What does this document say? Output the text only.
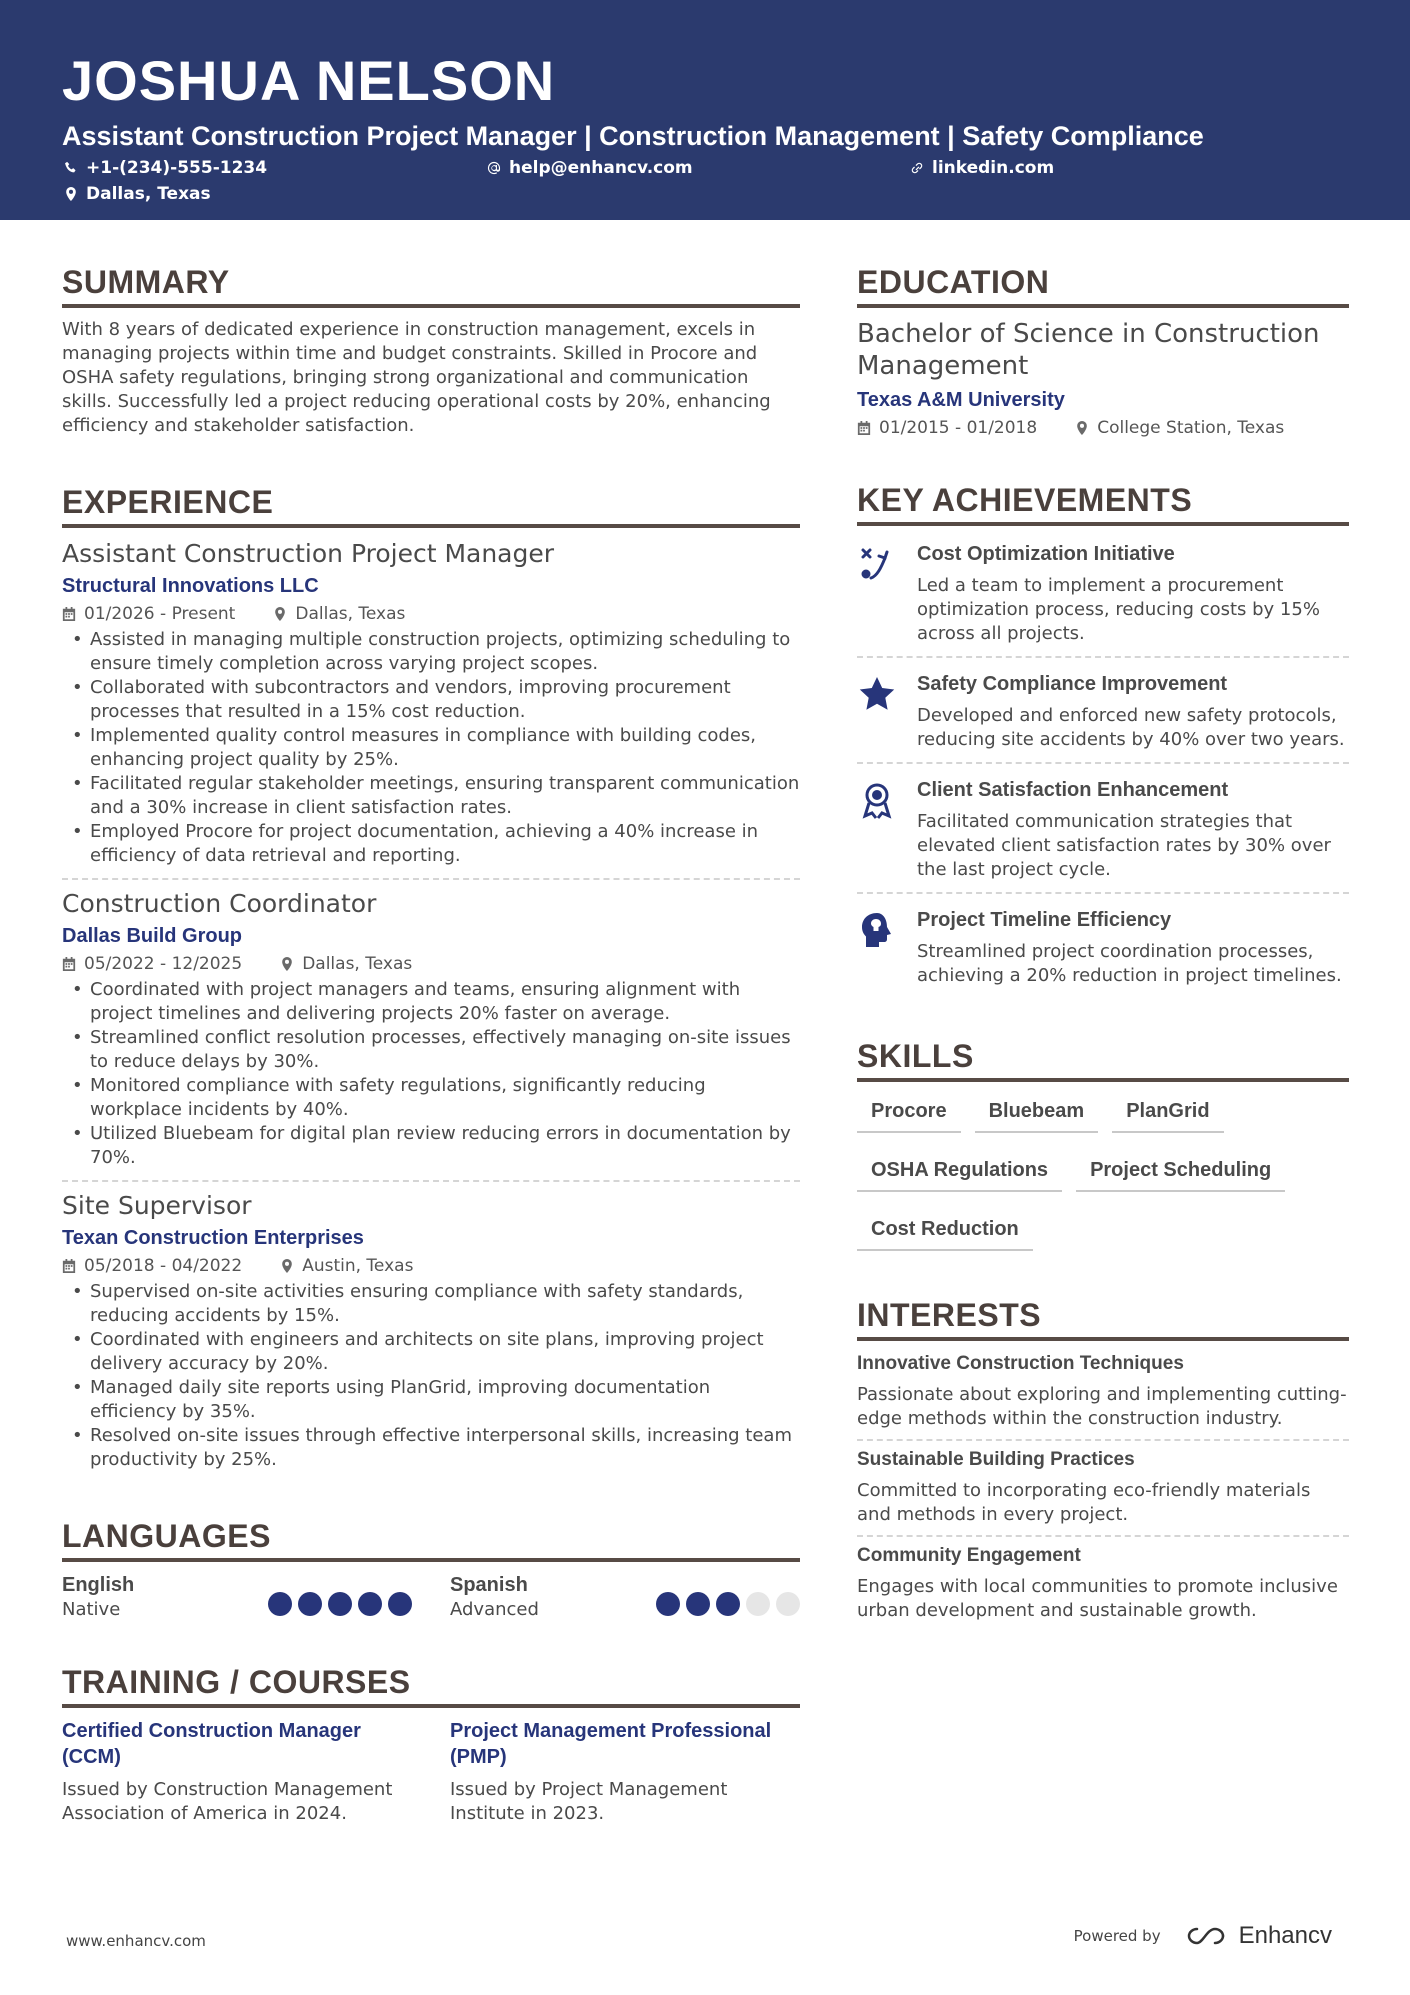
JOSHUA NELSON
Assistant Construction Project Manager | Construction Management | Safety Compliance
+1-(234)-555-1234	help@enhancv.com	linkedin.com
Dallas, Texas
SUMMARY

With 8 years of dedicated experience in construction management, excels in managing projects within time and budget constraints. Skilled in Procore and OSHA safety regulations, bringing strong organizational and communication skills. Successfully led a project reducing operational costs by 20%, enhancing efficiency and stakeholder satisfaction.

EXPERIENCE
Assistant Construction Project Manager
Structural Innovations LLC
01/2026 - Present	Dallas, Texas
• Assisted in managing multiple construction projects, optimizing scheduling to ensure timely completion across varying project scopes.
• Collaborated with subcontractors and vendors, improving procurement processes that resulted in a 15% cost reduction.
• Implemented quality control measures in compliance with building codes, enhancing project quality by 25%.
• Facilitated regular stakeholder meetings, ensuring transparent communication and a 30% increase in client satisfaction rates.
• Employed Procore for project documentation, achieving a 40% increase in efficiency of data retrieval and reporting.
Construction Coordinator
Dallas Build Group
05/2022 - 12/2025	Dallas, Texas
• Coordinated with project managers and teams, ensuring alignment with project timelines and delivering projects 20% faster on average.
• Streamlined conflict resolution processes, effectively managing on-site issues to reduce delays by 30%.
• Monitored compliance with safety regulations, significantly reducing workplace incidents by 40%.
• Utilized Bluebeam for digital plan review reducing errors in documentation by 70%.
Site Supervisor
Texan Construction Enterprises
05/2018 - 04/2022	Austin, Texas
• Supervised on-site activities ensuring compliance with safety standards, reducing accidents by 15%.
• Coordinated with engineers and architects on site plans, improving project delivery accuracy by 20%.
• Managed daily site reports using PlanGrid, improving documentation efficiency by 35%.
• Resolved on-site issues through effective interpersonal skills, increasing team productivity by 25%.
LANGUAGES
English
Native
Spanish
Advanced
TRAINING / COURSES
Certified Construction Manager (CCM)
Issued by Construction Management Association of America in 2024.
Project Management Professional (PMP)
Issued by Project Management Institute in 2023.
EDUCATION
Bachelor of Science in Construction Management
Texas A&M University
01/2015 - 01/2018	College Station, Texas
KEY ACHIEVEMENTS
Cost Optimization Initiative
Led a team to implement a procurement optimization process, reducing costs by 15% across all projects.
Safety Compliance Improvement
Developed and enforced new safety protocols, reducing site accidents by 40% over two years.
Client Satisfaction Enhancement
Facilitated communication strategies that elevated client satisfaction rates by 30% over the last project cycle.
Project Timeline Efficiency
Streamlined project coordination processes, achieving a 20% reduction in project timelines.
SKILLS
Procore	Bluebeam	PlanGrid
OSHA Regulations	Project Scheduling
Cost Reduction
INTERESTS
Innovative Construction Techniques
Passionate about exploring and implementing cutting-edge methods within the construction industry.
Sustainable Building Practices
Committed to incorporating eco-friendly materials and methods in every project.
Community Engagement
Engages with local communities to promote inclusive urban development and sustainable growth.
www.enhancv.com	Powered by	Enhancv
